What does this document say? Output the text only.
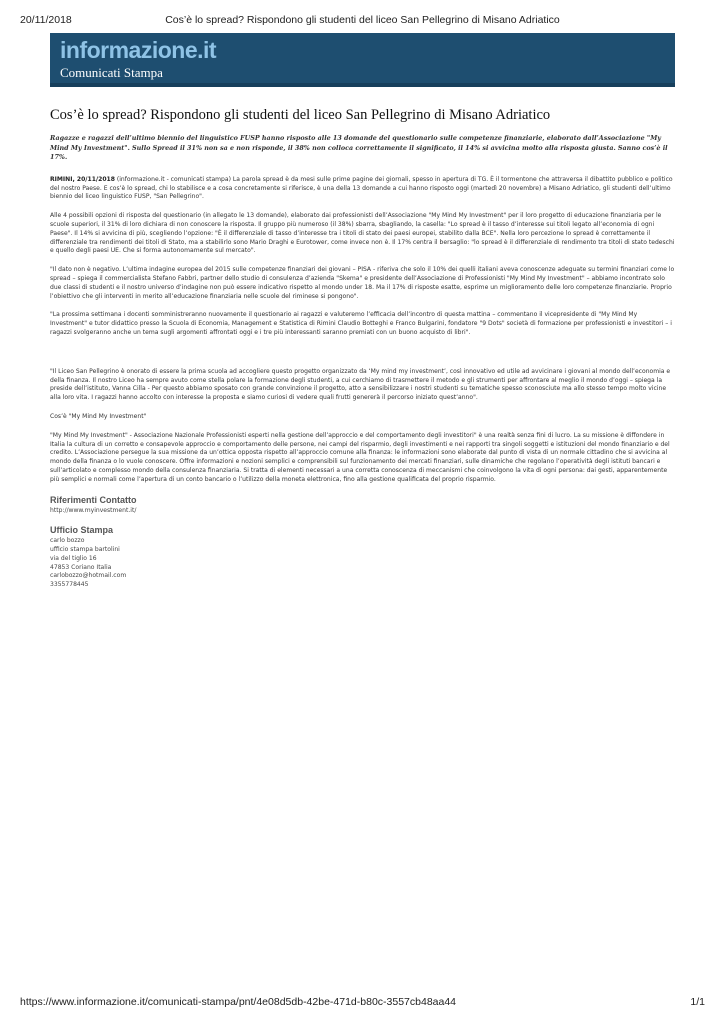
20/11/2018	Cos’è lo spread? Rispondono gli studenti del liceo San Pellegrino di Misano Adriatico
informazione.it
Comunicati Stampa
Cos’è lo spread? Rispondono gli studenti del liceo San Pellegrino di Misano Adriatico

Ragazze e ragazzi dell’ultimo biennio del linguistico FUSP hanno risposto alle 13 domande del questionario sulle competenze finanziarie, elaborato dall’Associazione "My Mind My Investment". Sullo Spread il 31% non sa e non risponde, il 38% non colloca correttamente il significato, il 14% si avvicina molto alla risposta giusta. Sanno cos’è il 17%.

RIMINI, 20/11/2018 (informazione.it - comunicati stampa) La parola spread è da mesi sulle prime pagine dei giornali, spesso in apertura di TG. È il tormentone che attraversa il dibattito pubblico e politico del nostro Paese. E cos’è lo spread, chi lo stabilisce e a cosa concretamente si riferisce, è una della 13 domande a cui hanno risposto oggi (martedì 20 novembre) a Misano Adriatico, gli studenti dell’ultimo biennio del liceo linguistico FUSP, "San Pellegrino".

Alle 4 possibili opzioni di risposta del questionario (in allegato le 13 domande), elaborato dai professionisti dell’Associazione "My Mind My Investment" per il loro progetto di educazione finanziaria per le scuole superiori, il 31% di loro dichiara di non conoscere la risposta. Il gruppo più numeroso (il 38%) sbarra, sbagliando, la casella: "Lo spread è il tasso d’interesse sui titoli legato all’economia di ogni Paese". Il 14% si avvicina di più, scegliendo l’opzione: "È il differenziale di tasso d’interesse tra i titoli di stato dei paesi europei, stabilito dalla BCE". Nella loro percezione lo spread è correttamente il differenziale tra rendimenti dei titoli di Stato, ma a stabilirlo sono Mario Draghi e Eurotower, come invece non è. Il 17% centra il bersaglio: "lo spread è il differenziale di rendimento tra titoli di stato tedeschi e quello degli paesi UE. Che si forma autonomamente sul mercato".

"Il dato non è negativo. L’ultima indagine europea del 2015 sulle competenze finanziari dei giovani – PISA - riferiva che solo il 10% dei quelli italiani aveva conoscenze adeguate su termini finanziari come lo spread – spiega il commercialista Stefano Fabbri, partner dello studio di consulenza d’azienda "Skema" e presidente dell’Associazione di Professionisti "My Mind My Investment" – abbiamo incontrato solo due classi di studenti e il nostro universo d’indagine non può essere indicativo rispetto al mondo under 18. Ma il 17% di risposte esatte, esprime un miglioramento delle loro competenze finanziarie. Proprio l’obiettivo che gli interventi in merito all’educazione finanziaria nelle scuole del riminese si pongono".

"La prossima settimana i docenti somministreranno nuovamente il questionario ai ragazzi e valuteremo l’efficacia dell’incontro di questa mattina – commentano il vicepresidente di "My Mind My Investment" e tutor didattico presso la Scuola di Economia, Management e Statistica di Rimini Claudio Botteghi e Franco Bulgarini, fondatore "9 Dots" società di formazione per professionisti e investitori – i ragazzi svolgeranno anche un tema sugli argomenti affrontati oggi e i tre più interessanti saranno premiati con un buono acquisto di libri".

"Il Liceo San Pellegrino è onorato di essere la prima scuola ad accogliere questo progetto organizzato da ‘My mind my investment’, così innovativo ed utile ad avvicinare i giovani al mondo dell’economia e della finanza. Il nostro Liceo ha sempre avuto come stella polare la formazione degli studenti, a cui cerchiamo di trasmettere il metodo e gli strumenti per affrontare al meglio il mondo d’oggi – spiega la preside dell’istituto, Vanna Cilla - Per questo abbiamo sposato con grande convinzione il progetto, atto a sensibilizzare i nostri studenti su tematiche spesso sconosciute ma allo stesso tempo molto vicine alla loro vita. I ragazzi hanno accolto con interesse la proposta e siamo curiosi di vedere quali frutti genererà il percorso iniziato quest’anno".

Cos’è "My Mind My Investment"

"My Mind My Investment" - Associazione Nazionale Professionisti esperti nella gestione dell’approccio e del comportamento degli investitori" è una realtà senza fini di lucro. La su missione è diffondere in Italia la cultura di un corretto e consapevole approccio e comportamento delle persone, nei campi del risparmio, degli investimenti e nei rapporti tra singoli soggetti e istituzioni del mondo finanziario e del credito. L’Associazione persegue la sua missione da un’ottica opposta rispetto all’approccio comune alla finanza: le informazioni sono elaborate dal punto di vista di un normale cittadino che si avvicina al mondo della finanza o lo vuole conoscere. Offre informazioni e nozioni semplici e comprensibili sul funzionamento dei mercati finanziari, sulle dinamiche che regolano l’operatività degli istituti bancari e sull’articolato e complesso mondo della consulenza finanziaria. Si tratta di elementi necessari a una corretta conoscenza di meccanismi che coinvolgono la vita di ogni persona: dai gesti, apparentemente più semplici e normali come l’apertura di un conto bancario o l’utilizzo della moneta elettronica, fino alla gestione qualificata del proprio risparmio.

Riferimenti Contatto

http://www.myinvestment.it/

Ufficio Stampa

carlo bozzo

ufficio stampa bartolini

via del tiglio 16

47853 Coriano Italia

carlobozzo@hotmail.com

3355778445

https://www.informazione.it/comunicati-stampa/pnt/4e08d5db-42be-471d-b80c-3557cb48aa44	1/1
